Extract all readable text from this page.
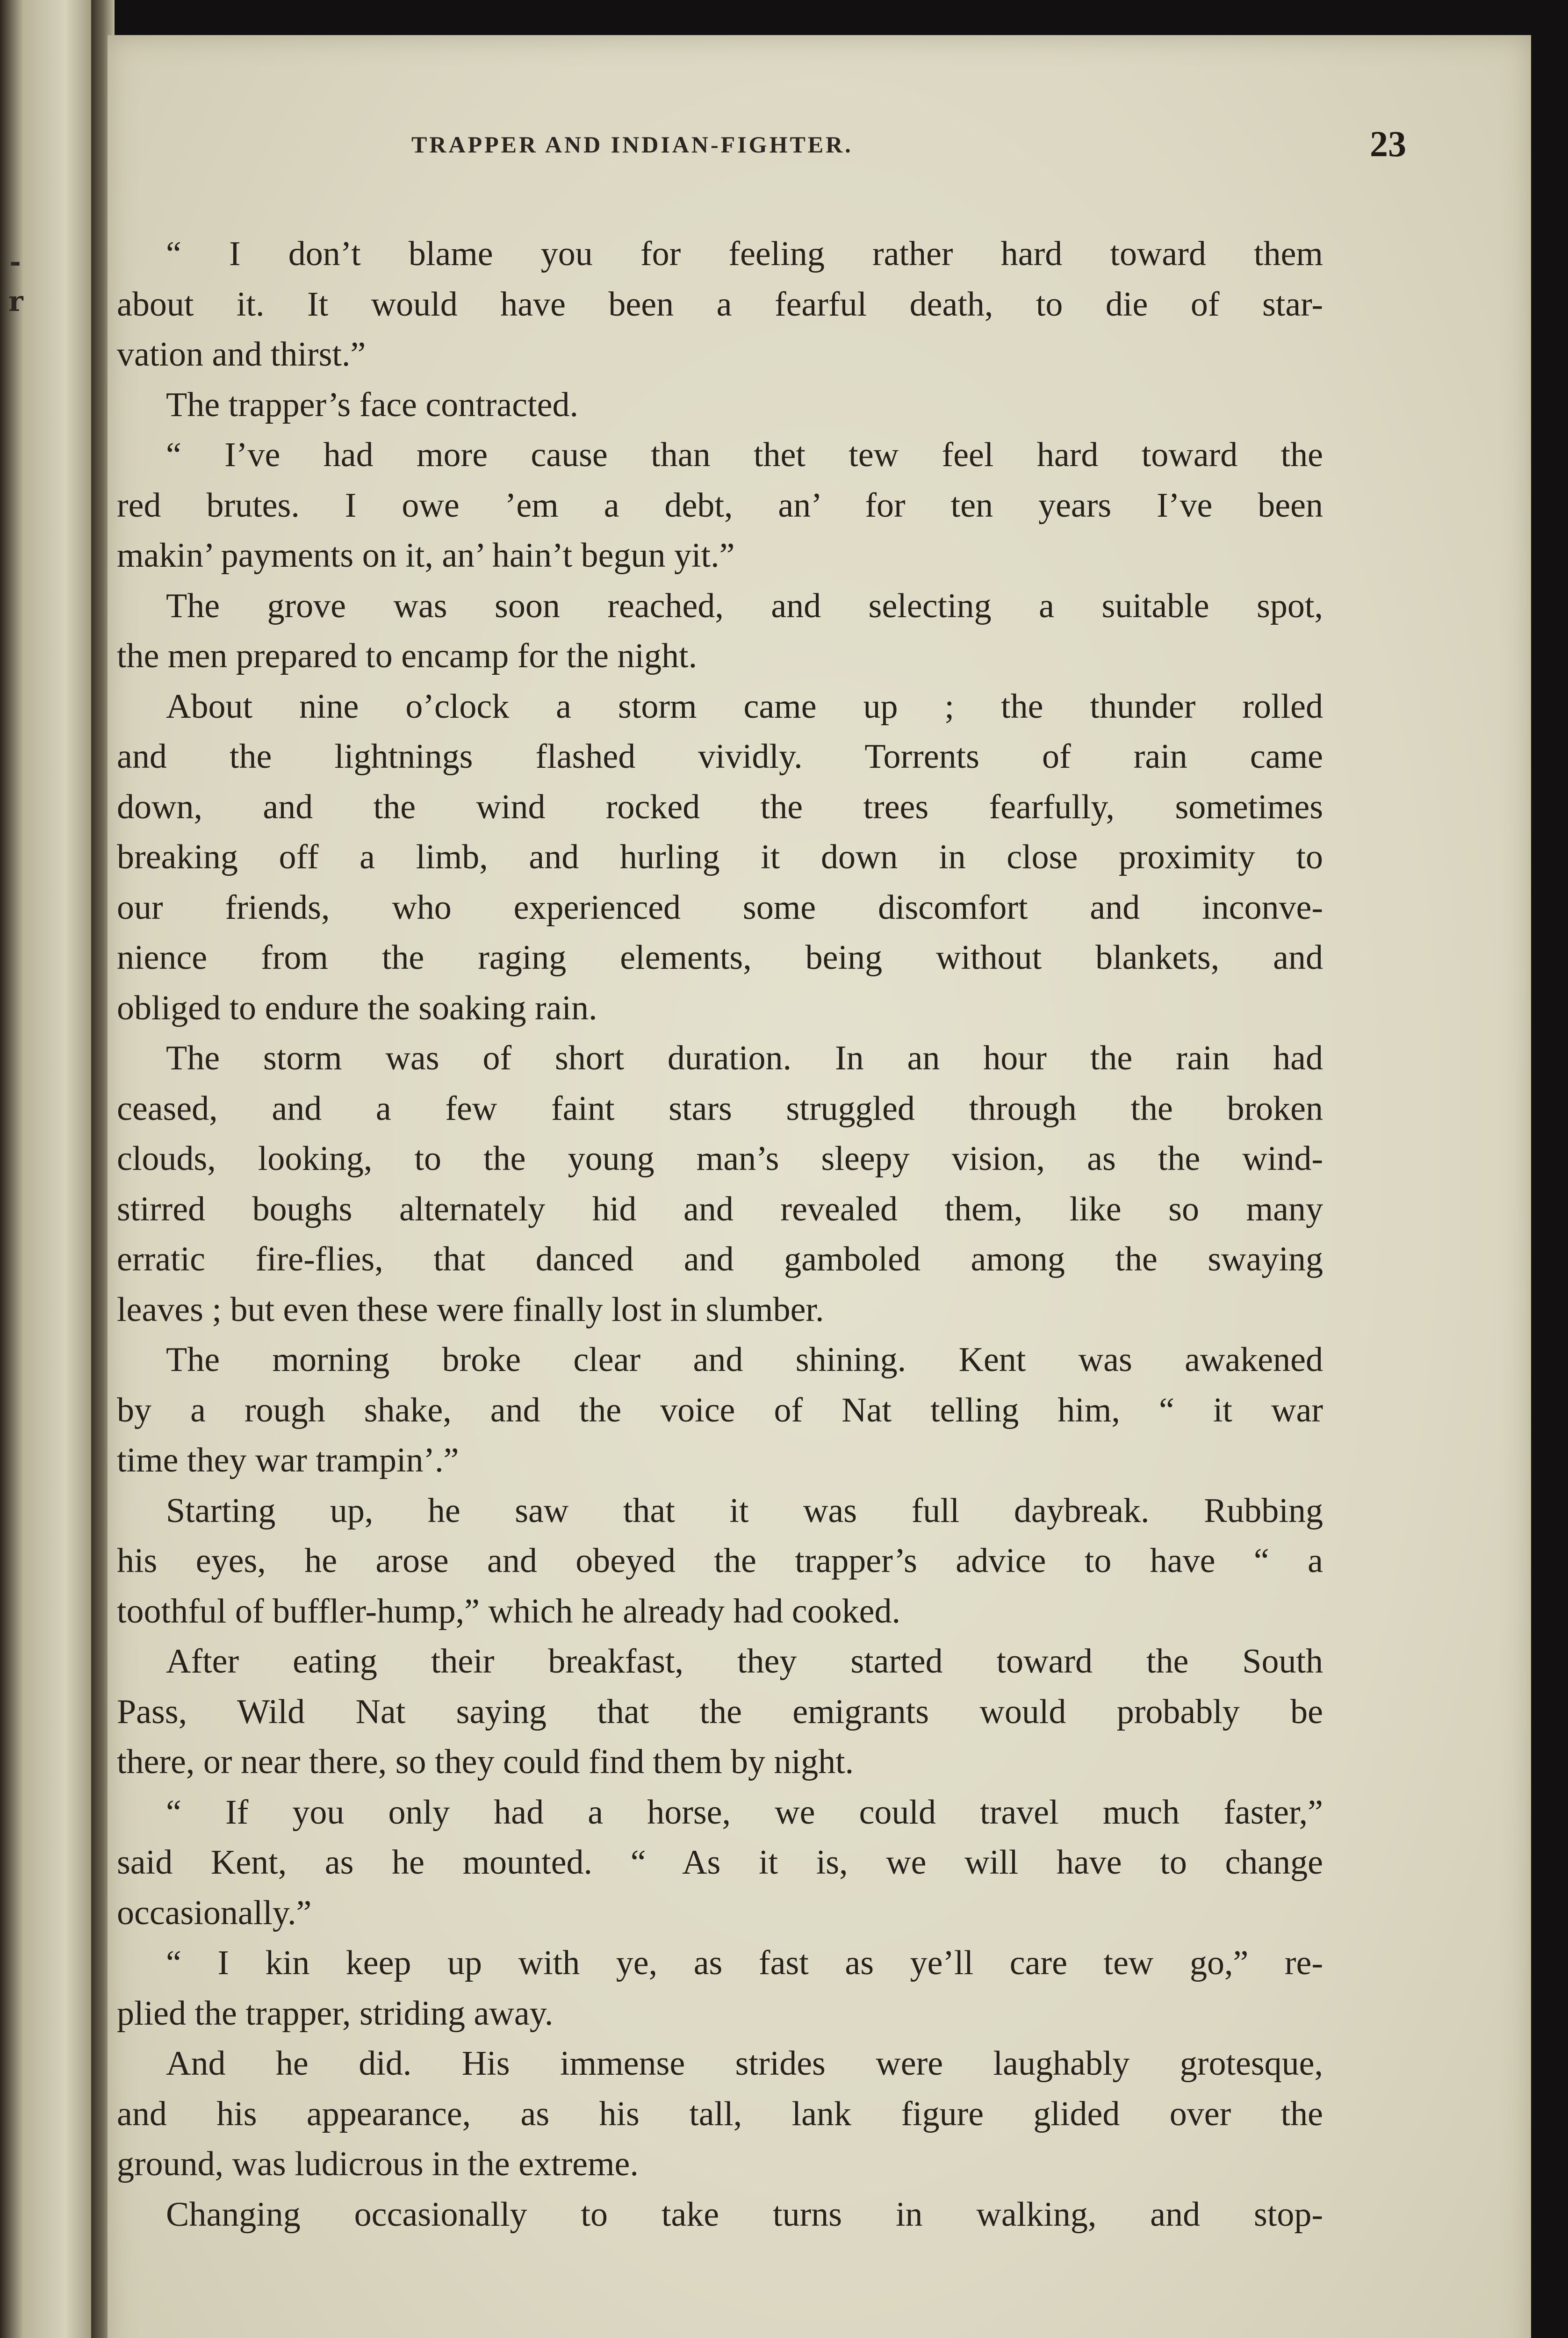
-
r
TRAPPER AND INDIAN-FIGHTER.	23
“ I don’t blame you for feeling rather hard toward them
about it. It would have been a fearful death, to die of star-
vation and thirst.”
The trapper’s face contracted.
“ I’ve had more cause than thet tew feel hard toward the
red brutes. I owe ’em a debt, an’ for ten years I’ve been
makin’ payments on it, an’ hain’t begun yit.”
The grove was soon reached, and selecting a suitable spot,
the men prepared to encamp for the night.
About nine o’clock a storm came up ; the thunder rolled
and the lightnings flashed vividly. Torrents of rain came
down, and the wind rocked the trees fearfully, sometimes
breaking off a limb, and hurling it down in close proximity to
our friends, who experienced some discomfort and inconve-
nience from the raging elements, being without blankets, and
obliged to endure the soaking rain.
The storm was of short duration. In an hour the rain had
ceased, and a few faint stars struggled through the broken
clouds, looking, to the young man’s sleepy vision, as the wind-
stirred boughs alternately hid and revealed them, like so many
erratic fire-flies, that danced and gamboled among the swaying
leaves ; but even these were finally lost in slumber.
The morning broke clear and shining. Kent was awakened
by a rough shake, and the voice of Nat telling him, “ it war
time they war trampin’.”
Starting up, he saw that it was full daybreak. Rubbing
his eyes, he arose and obeyed the trapper’s advice to have “ a
toothful of buffler-hump,” which he already had cooked.
After eating their breakfast, they started toward the South
Pass, Wild Nat saying that the emigrants would probably be
there, or near there, so they could find them by night.
“ If you only had a horse, we could travel much faster,”
said Kent, as he mounted. “ As it is, we will have to change
occasionally.”
“ I kin keep up with ye, as fast as ye’ll care tew go,” re-
plied the trapper, striding away.
And he did. His immense strides were laughably grotesque,
and his appearance, as his tall, lank figure glided over the
ground, was ludicrous in the extreme.
Changing occasionally to take turns in walking, and stop-
